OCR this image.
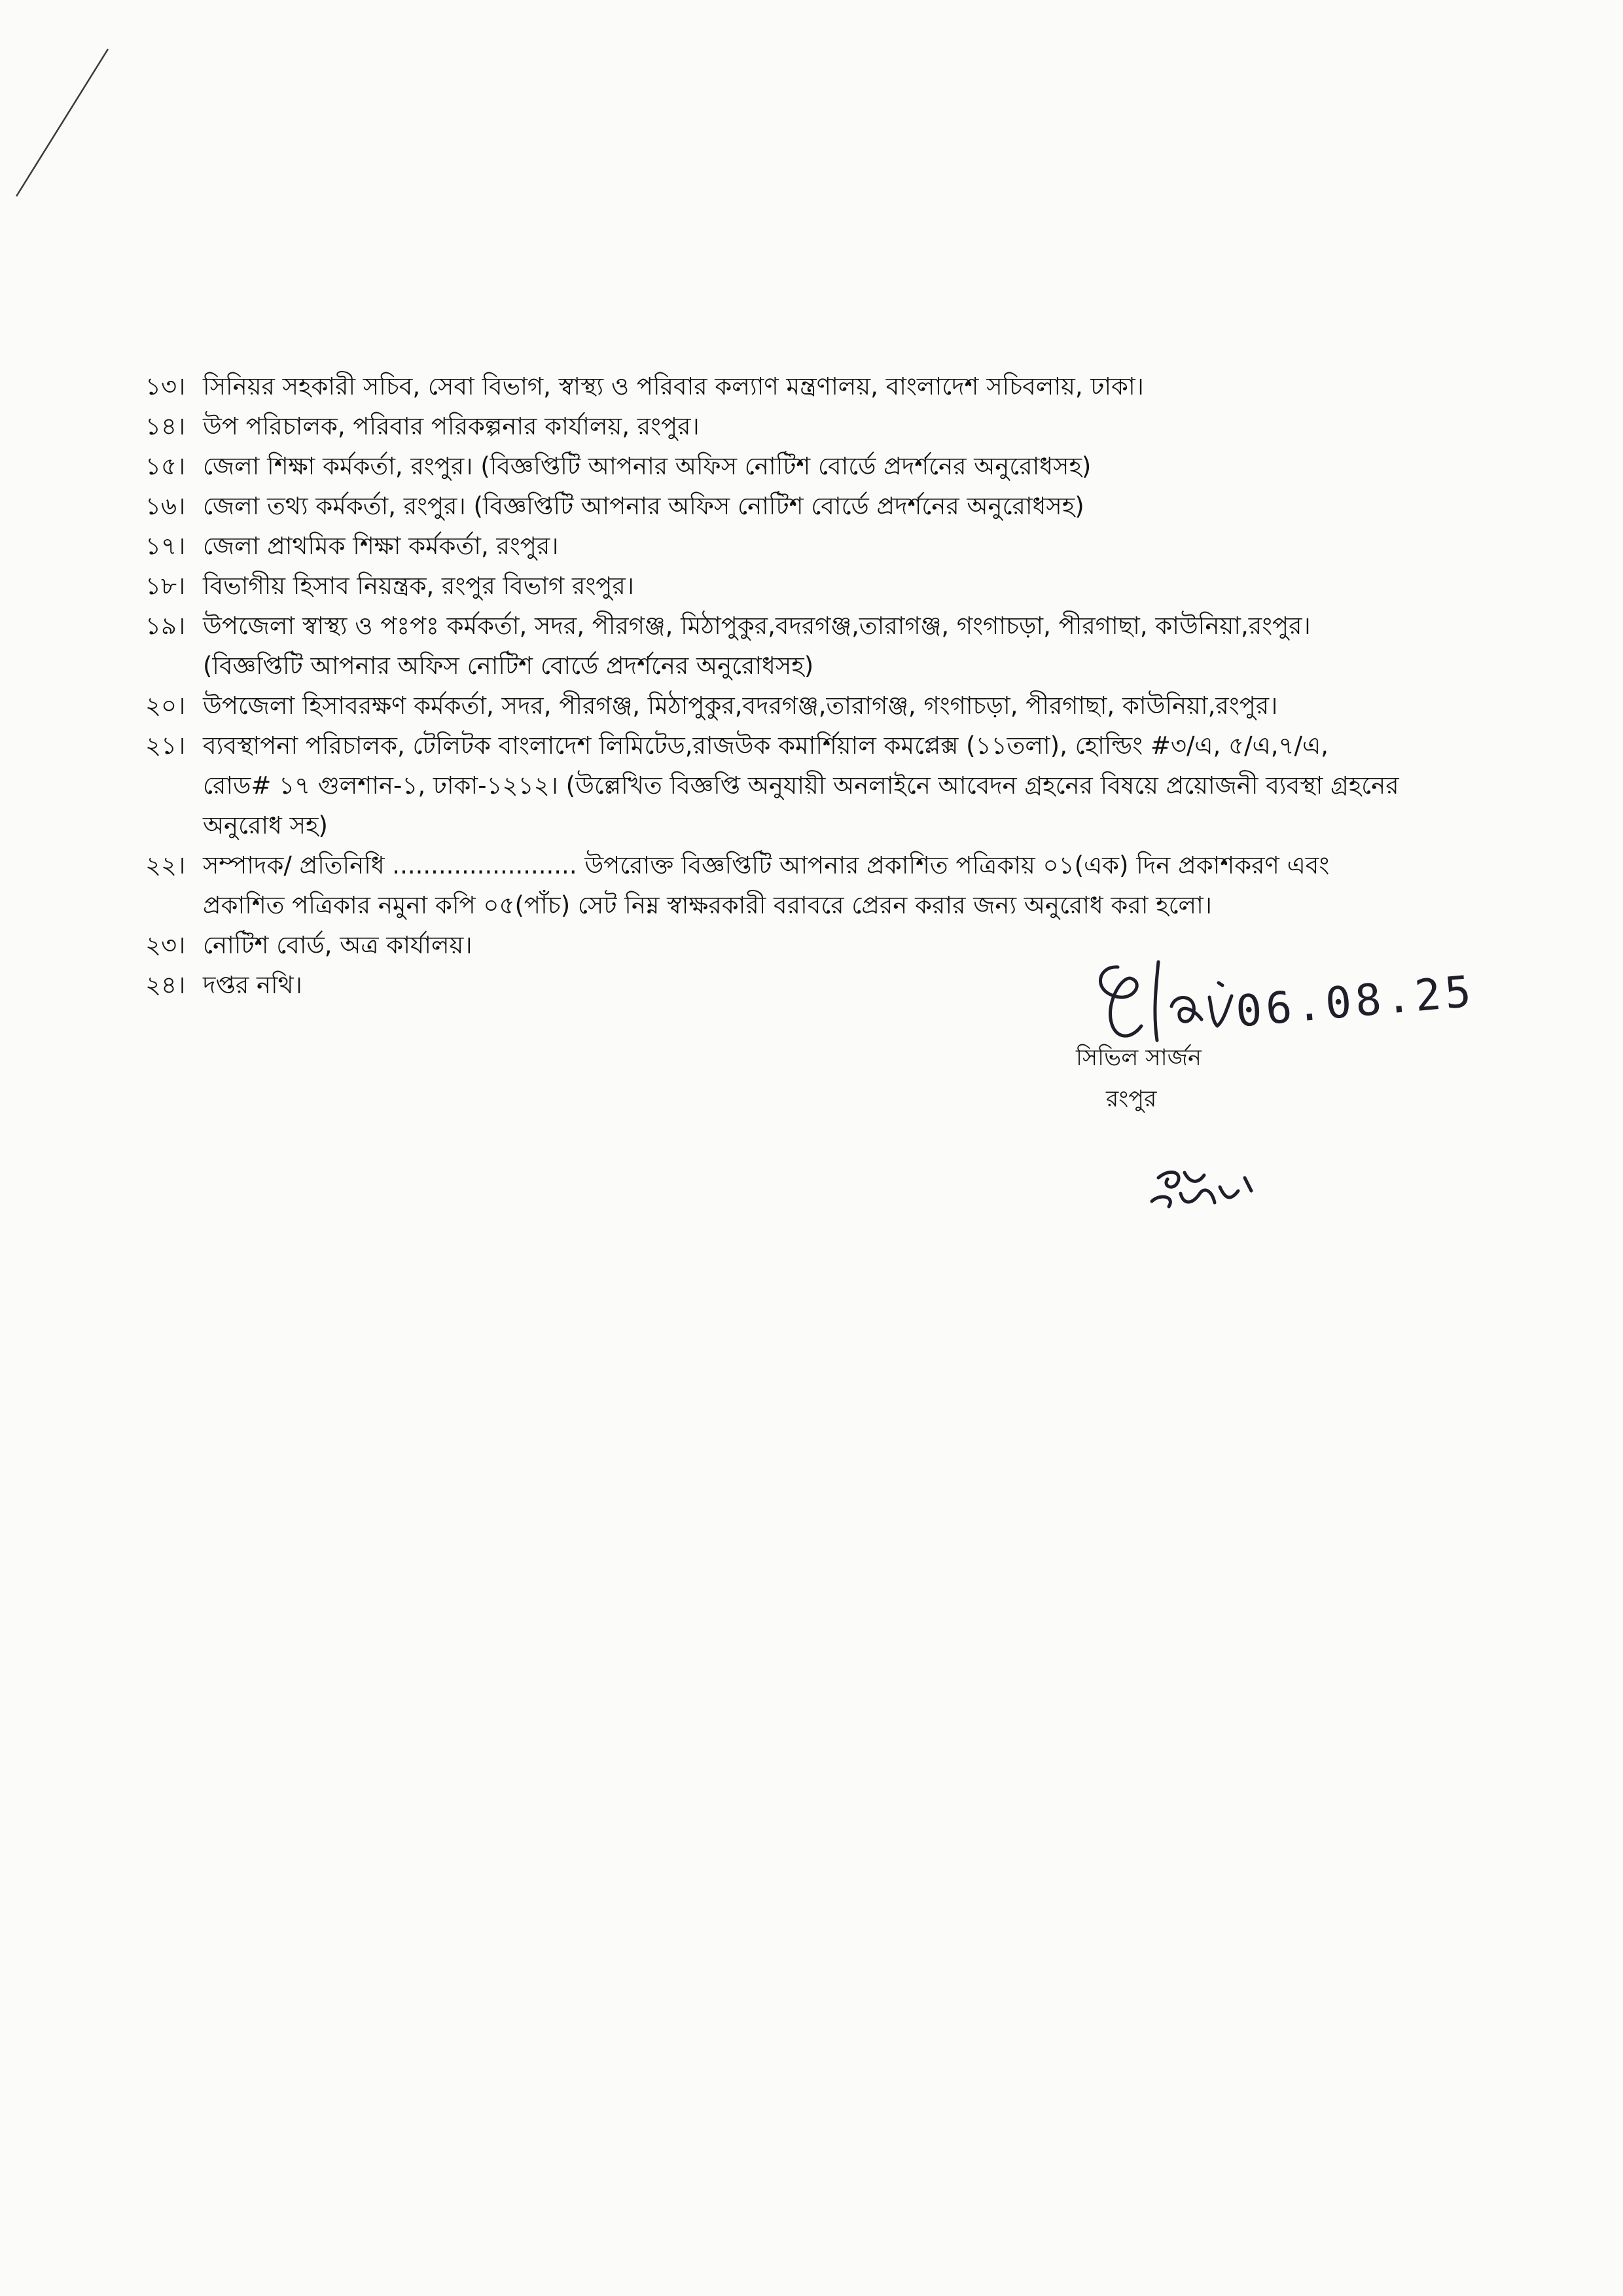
১৩। সিনিয়র সহকারী সচিব, সেবা বিভাগ, স্বাস্থ্য ও পরিবার কল্যাণ মন্ত্রণালয়, বাংলাদেশ সচিবলায়, ঢাকা।
১৪। উপ পরিচালক, পরিবার পরিকল্পনার কার্যালয়, রংপুর।
১৫। জেলা শিক্ষা কর্মকর্তা, রংপুর। (বিজ্ঞপ্তিটি আপনার অফিস নোটিশ বোর্ডে প্রদর্শনের অনুরোধসহ)
১৬। জেলা তথ্য কর্মকর্তা, রংপুর। (বিজ্ঞপ্তিটি আপনার অফিস নোটিশ বোর্ডে প্রদর্শনের অনুরোধসহ)
১৭। জেলা প্রাথমিক শিক্ষা কর্মকর্তা, রংপুর।
১৮। বিভাগীয় হিসাব নিয়ন্ত্রক, রংপুর বিভাগ রংপুর।
১৯। উপজেলা স্বাস্থ্য ও পঃপঃ কর্মকর্তা, সদর, পীরগঞ্জ, মিঠাপুকুর,বদরগঞ্জ,তারাগঞ্জ, গংগাচড়া, পীরগাছা, কাউনিয়া,রংপুর।
(বিজ্ঞপ্তিটি আপনার অফিস নোটিশ বোর্ডে প্রদর্শনের অনুরোধসহ)
২০। উপজেলা হিসাবরক্ষণ কর্মকর্তা, সদর, পীরগঞ্জ, মিঠাপুকুর,বদরগঞ্জ,তারাগঞ্জ, গংগাচড়া, পীরগাছা, কাউনিয়া,রংপুর।
২১। ব্যবস্থাপনা পরিচালক, টেলিটক বাংলাদেশ লিমিটেড,রাজউক কমার্শিয়াল কমপ্লেক্স (১১তলা), হোল্ডিং #৩/এ, ৫/এ,৭/এ,
রোড# ১৭ গুলশান-১, ঢাকা-১২১২। (উল্লেখিত বিজ্ঞপ্তি অনুযায়ী অনলাইনে আবেদন গ্রহনের বিষয়ে প্রয়োজনী ব্যবস্থা গ্রহনের
অনুরোধ সহ)
২২। সম্পাদক/ প্রতিনিধি ........................ উপরোক্ত বিজ্ঞপ্তিটি আপনার প্রকাশিত পত্রিকায় ০১(এক) দিন প্রকাশকরণ এবং
প্রকাশিত পত্রিকার নমুনা কপি ০৫(পাঁচ) সেট নিম্ন স্বাক্ষরকারী বরাবরে প্রেরন করার জন্য অনুরোধ করা হলো।
২৩। নোটিশ বোর্ড, অত্র কার্যালয়।
২৪। দপ্তর নথি।	06.08.25
সিভিল সার্জন
রংপুর
